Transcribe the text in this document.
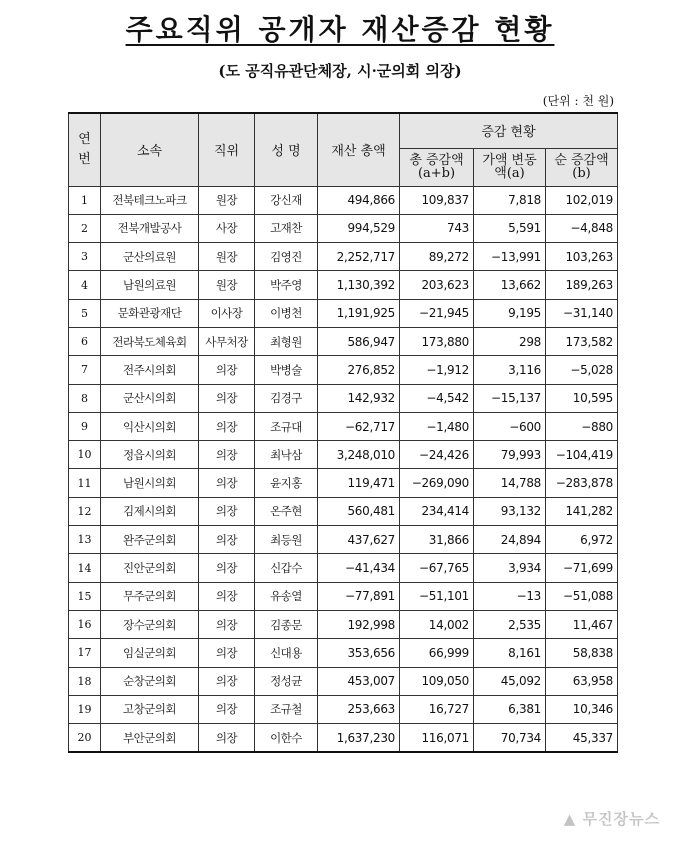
주요직위 공개자 재산증감 현황
(도 공직유관단체장, 시·군의회 의장)
(단위 : 천 원)
연번	소속	직위	성 명	재산 총액	증감 현황		
					총 증감액 (a+b)	가액 변동액(a)	순 증감액 (b)
1	전북테크노파크	원장	강신재	494,866	109,837	7,818	102,019
2	전북개발공사	사장	고재찬	994,529	743	5,591	−4,848
3	군산의료원	원장	김영진	2,252,717	89,272	−13,991	103,263
4	남원의료원	원장	박주영	1,130,392	203,623	13,662	189,263
5	문화관광재단	이사장	이병천	1,191,925	−21,945	9,195	−31,140
6	전라북도체육회	사무처장	최형원	586,947	173,880	298	173,582
7	전주시의회	의장	박병술	276,852	−1,912	3,116	−5,028
8	군산시의회	의장	김경구	142,932	−4,542	−15,137	10,595
9	익산시의회	의장	조규대	−62,717	−1,480	−600	−880
10	정읍시의회	의장	최낙삼	3,248,010	−24,426	79,993	−104,419
11	남원시의회	의장	윤지홍	119,471	−269,090	14,788	−283,878
12	김제시의회	의장	온주현	560,481	234,414	93,132	141,282
13	완주군의회	의장	최등원	437,627	31,866	24,894	6,972
14	진안군의회	의장	신갑수	−41,434	−67,765	3,934	−71,699
15	무주군의회	의장	유송열	−77,891	−51,101	−13	−51,088
16	장수군의회	의장	김종문	192,998	14,002	2,535	11,467
17	임실군의회	의장	신대용	353,656	66,999	8,161	58,838
18	순창군의회	의장	정성균	453,007	109,050	45,092	63,958
19	고창군의회	의장	조규철	253,663	16,727	6,381	10,346
20	부안군의회	의장	이한수	1,637,230	116,071	70,734	45,337
▲ 무진장뉴스
